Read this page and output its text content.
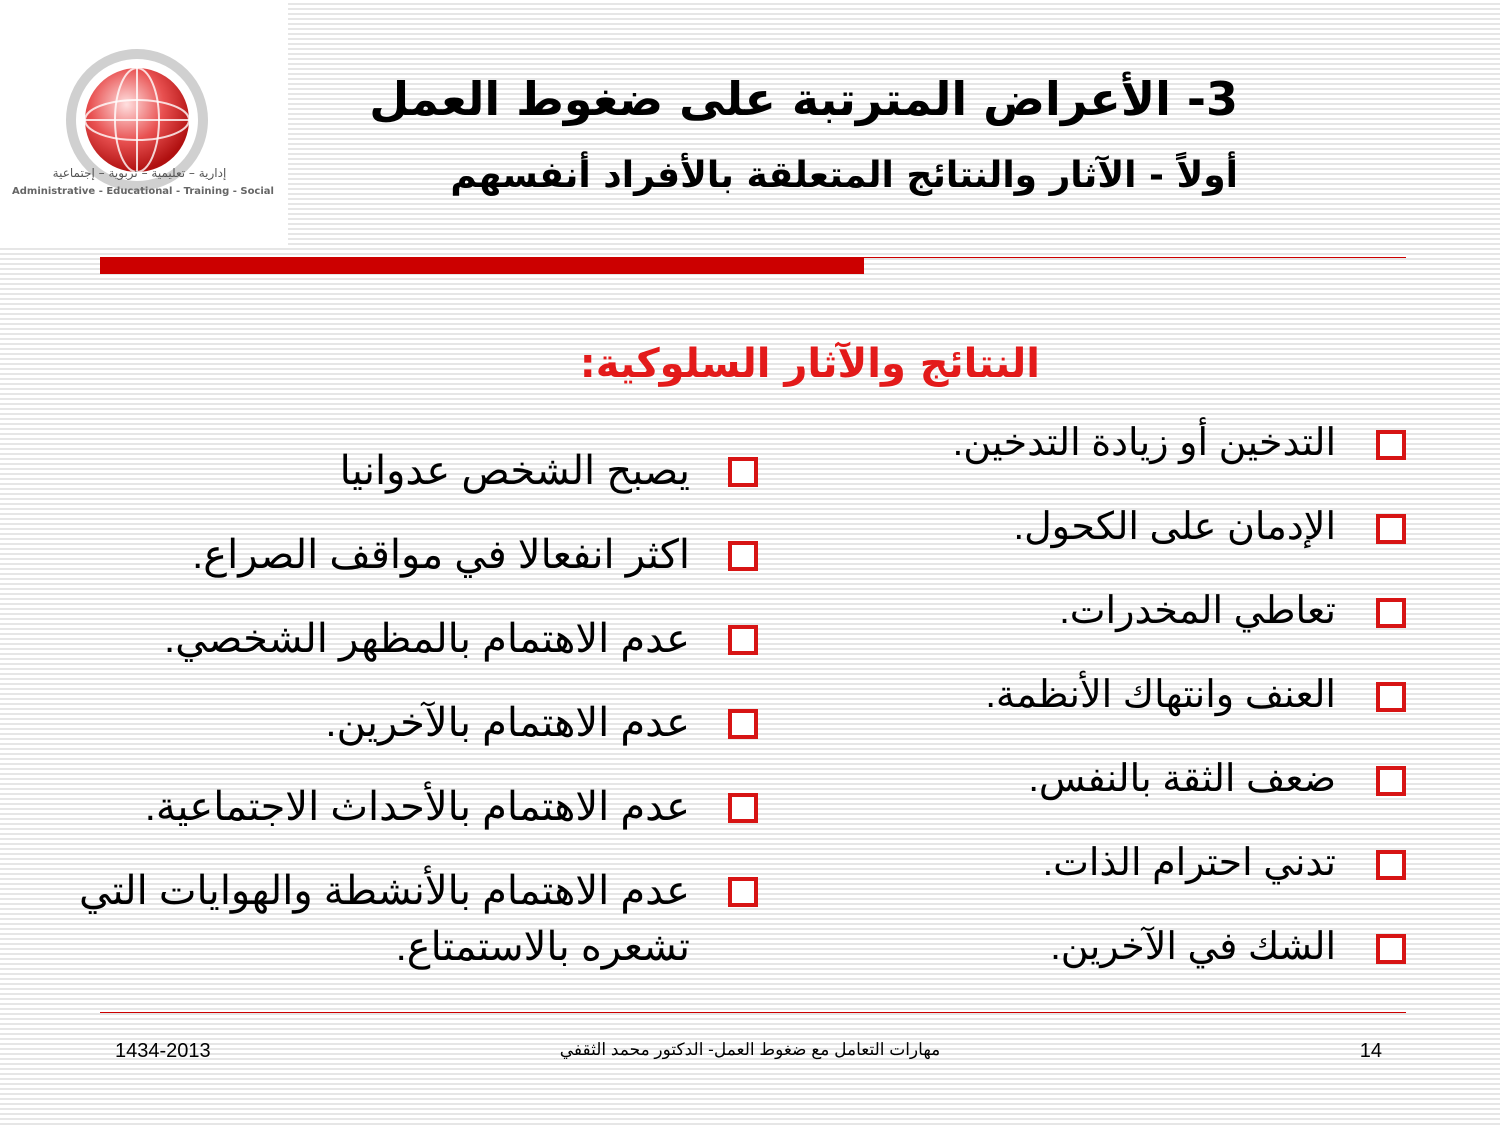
إدارية – تعليمية – تربوية – إجتماعية
Administrative - Educational - Training - Social
3- الأعراض المترتبة على ضغوط العمل
أولاً - الآثار والنتائج المتعلقة بالأفراد أنفسهم
النتائج والآثار السلوكية:
التدخين أو زيادة التدخين.
الإدمان على الكحول.
تعاطي المخدرات.
العنف وانتهاك الأنظمة.
ضعف الثقة بالنفس.
تدني احترام الذات.
الشك في الآخرين.
يصبح الشخص عدوانيا
اكثر انفعالا في مواقف الصراع.
عدم الاهتمام بالمظهر الشخصي.
عدم الاهتمام بالآخرين.
عدم الاهتمام بالأحداث الاجتماعية.
عدم الاهتمام بالأنشطة والهوايات التي تشعره بالاستمتاع.
1434-2013	مهارات التعامل مع ضغوط العمل- الدكتور محمد الثقفي	14
